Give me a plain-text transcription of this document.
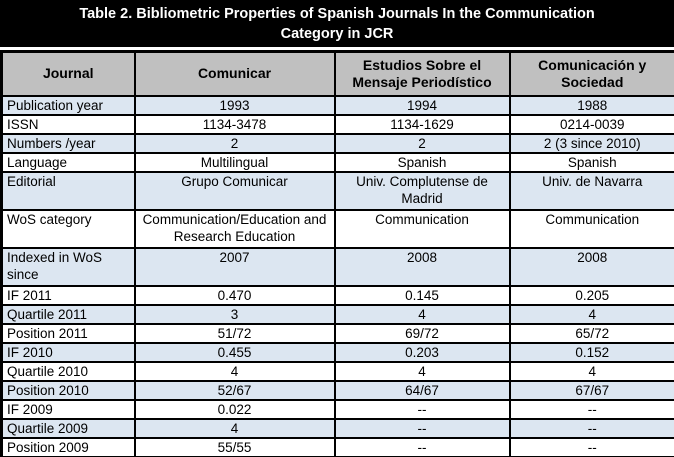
Table 2. Bibliometric Properties of Spanish Journals In the Communication
Category in JCR
Journal	Comunicar	Estudios Sobre el Mensaje Periodístico	Comunicación y Sociedad
Publication year	1993	1994	1988
ISSN	1134-3478	1134-1629	0214-0039
Numbers /year	2	2	2 (3 since 2010)
Language	Multilingual	Spanish	Spanish
Editorial	Grupo Comunicar	Univ. Complutense de Madrid	Univ. de Navarra
WoS category	Communication/Education and Research Education	Communication	Communication
Indexed in WoS since	2007	2008	2008
IF 2011	0.470	0.145	0.205
Quartile 2011	3	4	4
Position 2011	51/72	69/72	65/72
IF 2010	0.455	0.203	0.152
Quartile 2010	4	4	4
Position 2010	52/67	64/67	67/67
IF 2009	0.022	--	--
Quartile 2009	4	--	--
Position 2009	55/55	--	--
